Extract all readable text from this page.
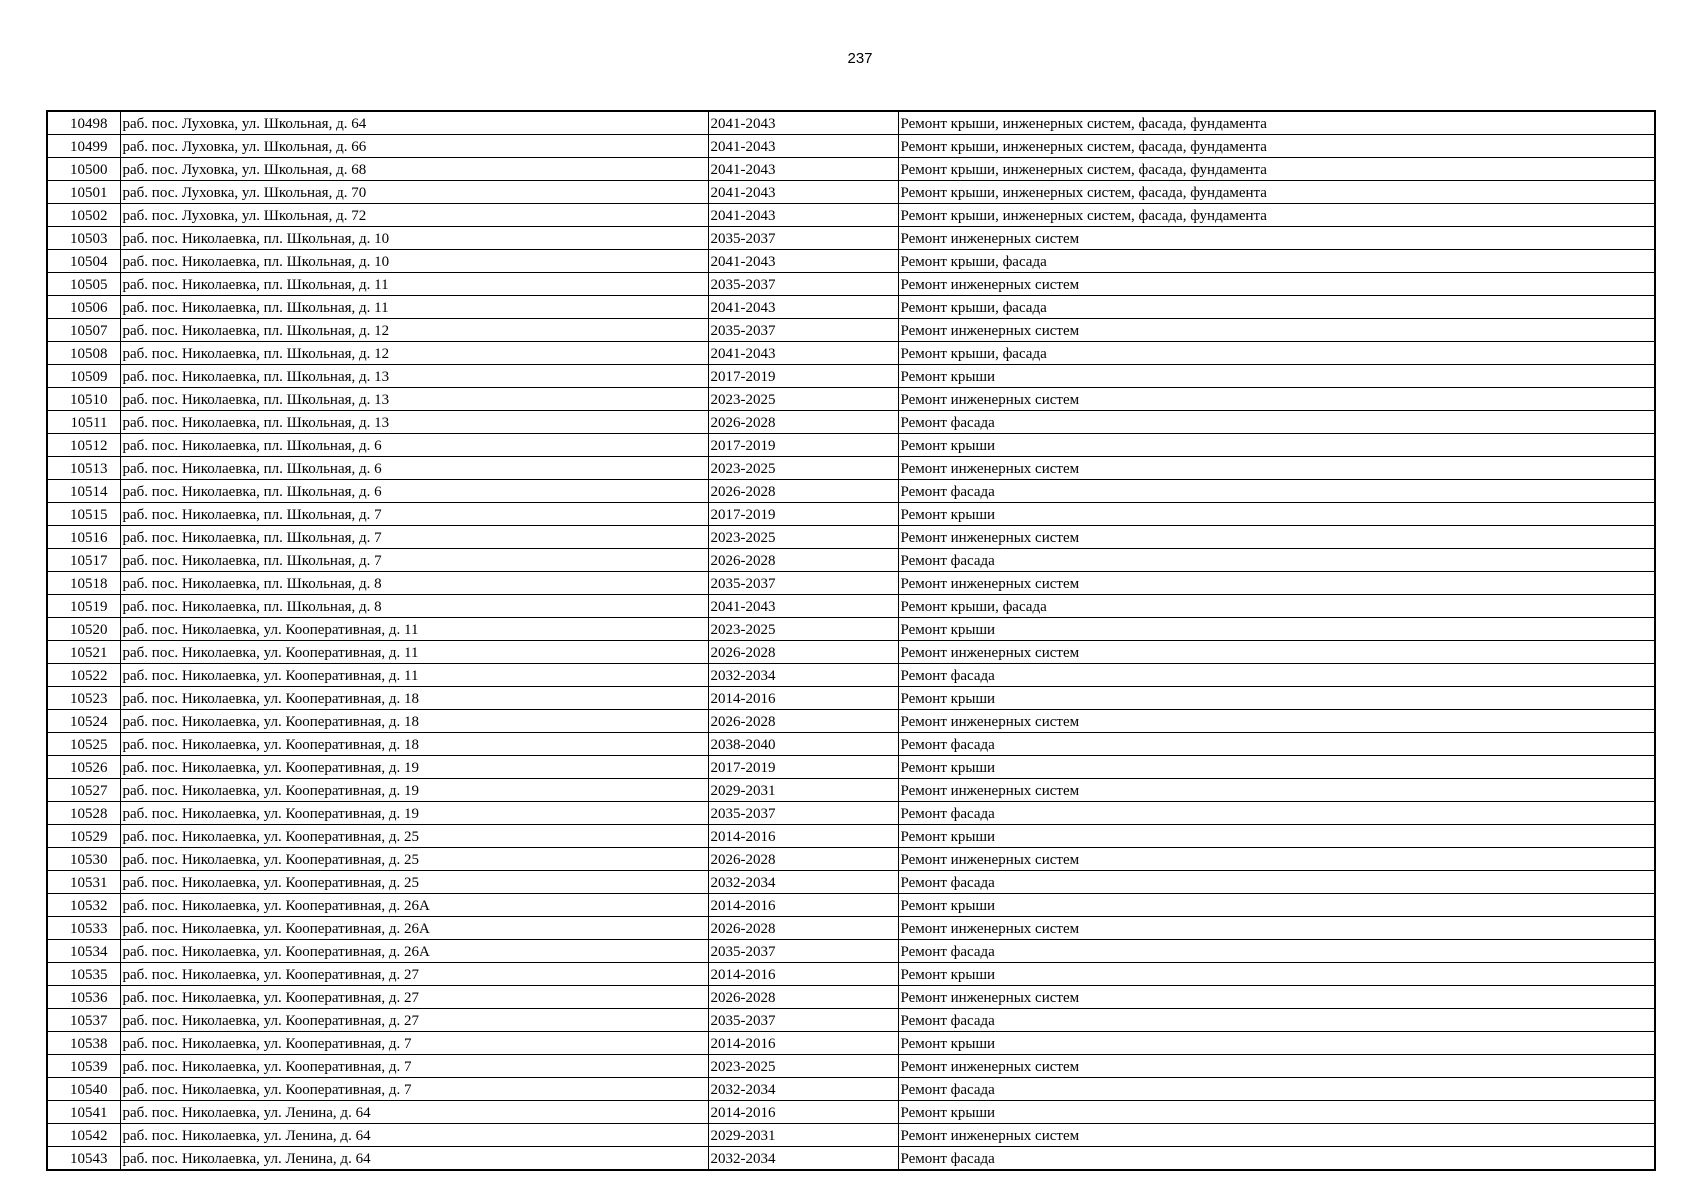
237
10498	раб. пос. Луховка, ул. Школьная, д. 64	2041-2043	Ремонт крыши, инженерных систем, фасада, фундамента
10499	раб. пос. Луховка, ул. Школьная, д. 66	2041-2043	Ремонт крыши, инженерных систем, фасада, фундамента
10500	раб. пос. Луховка, ул. Школьная, д. 68	2041-2043	Ремонт крыши, инженерных систем, фасада, фундамента
10501	раб. пос. Луховка, ул. Школьная, д. 70	2041-2043	Ремонт крыши, инженерных систем, фасада, фундамента
10502	раб. пос. Луховка, ул. Школьная, д. 72	2041-2043	Ремонт крыши, инженерных систем, фасада, фундамента
10503	раб. пос. Николаевка, пл. Школьная, д. 10	2035-2037	Ремонт инженерных систем
10504	раб. пос. Николаевка, пл. Школьная, д. 10	2041-2043	Ремонт крыши, фасада
10505	раб. пос. Николаевка, пл. Школьная, д. 11	2035-2037	Ремонт инженерных систем
10506	раб. пос. Николаевка, пл. Школьная, д. 11	2041-2043	Ремонт крыши, фасада
10507	раб. пос. Николаевка, пл. Школьная, д. 12	2035-2037	Ремонт инженерных систем
10508	раб. пос. Николаевка, пл. Школьная, д. 12	2041-2043	Ремонт крыши, фасада
10509	раб. пос. Николаевка, пл. Школьная, д. 13	2017-2019	Ремонт крыши
10510	раб. пос. Николаевка, пл. Школьная, д. 13	2023-2025	Ремонт инженерных систем
10511	раб. пос. Николаевка, пл. Школьная, д. 13	2026-2028	Ремонт фасада
10512	раб. пос. Николаевка, пл. Школьная, д. 6	2017-2019	Ремонт крыши
10513	раб. пос. Николаевка, пл. Школьная, д. 6	2023-2025	Ремонт инженерных систем
10514	раб. пос. Николаевка, пл. Школьная, д. 6	2026-2028	Ремонт фасада
10515	раб. пос. Николаевка, пл. Школьная, д. 7	2017-2019	Ремонт крыши
10516	раб. пос. Николаевка, пл. Школьная, д. 7	2023-2025	Ремонт инженерных систем
10517	раб. пос. Николаевка, пл. Школьная, д. 7	2026-2028	Ремонт фасада
10518	раб. пос. Николаевка, пл. Школьная, д. 8	2035-2037	Ремонт инженерных систем
10519	раб. пос. Николаевка, пл. Школьная, д. 8	2041-2043	Ремонт крыши, фасада
10520	раб. пос. Николаевка, ул. Кооперативная, д. 11	2023-2025	Ремонт крыши
10521	раб. пос. Николаевка, ул. Кооперативная, д. 11	2026-2028	Ремонт инженерных систем
10522	раб. пос. Николаевка, ул. Кооперативная, д. 11	2032-2034	Ремонт фасада
10523	раб. пос. Николаевка, ул. Кооперативная, д. 18	2014-2016	Ремонт крыши
10524	раб. пос. Николаевка, ул. Кооперативная, д. 18	2026-2028	Ремонт инженерных систем
10525	раб. пос. Николаевка, ул. Кооперативная, д. 18	2038-2040	Ремонт фасада
10526	раб. пос. Николаевка, ул. Кооперативная, д. 19	2017-2019	Ремонт крыши
10527	раб. пос. Николаевка, ул. Кооперативная, д. 19	2029-2031	Ремонт инженерных систем
10528	раб. пос. Николаевка, ул. Кооперативная, д. 19	2035-2037	Ремонт фасада
10529	раб. пос. Николаевка, ул. Кооперативная, д. 25	2014-2016	Ремонт крыши
10530	раб. пос. Николаевка, ул. Кооперативная, д. 25	2026-2028	Ремонт инженерных систем
10531	раб. пос. Николаевка, ул. Кооперативная, д. 25	2032-2034	Ремонт фасада
10532	раб. пос. Николаевка, ул. Кооперативная, д. 26А	2014-2016	Ремонт крыши
10533	раб. пос. Николаевка, ул. Кооперативная, д. 26А	2026-2028	Ремонт инженерных систем
10534	раб. пос. Николаевка, ул. Кооперативная, д. 26А	2035-2037	Ремонт фасада
10535	раб. пос. Николаевка, ул. Кооперативная, д. 27	2014-2016	Ремонт крыши
10536	раб. пос. Николаевка, ул. Кооперативная, д. 27	2026-2028	Ремонт инженерных систем
10537	раб. пос. Николаевка, ул. Кооперативная, д. 27	2035-2037	Ремонт фасада
10538	раб. пос. Николаевка, ул. Кооперативная, д. 7	2014-2016	Ремонт крыши
10539	раб. пос. Николаевка, ул. Кооперативная, д. 7	2023-2025	Ремонт инженерных систем
10540	раб. пос. Николаевка, ул. Кооперативная, д. 7	2032-2034	Ремонт фасада
10541	раб. пос. Николаевка, ул. Ленина, д. 64	2014-2016	Ремонт крыши
10542	раб. пос. Николаевка, ул. Ленина, д. 64	2029-2031	Ремонт инженерных систем
10543	раб. пос. Николаевка, ул. Ленина, д. 64	2032-2034	Ремонт фасада
